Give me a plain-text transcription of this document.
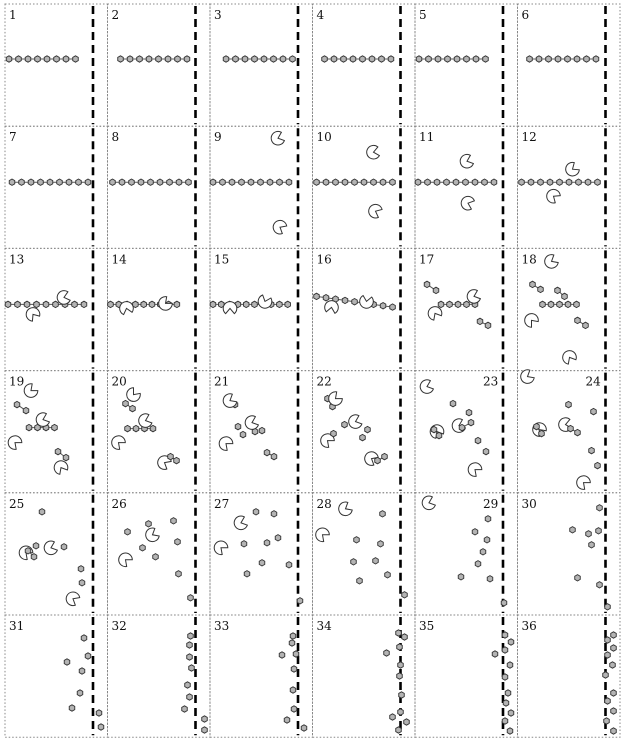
1	2	3	4	5	6
7	8	9	10	11	12
13	14	15	16	17	18
19	20	21	22	23	24
25	26	27	28	29 30
31	32	33	34	35	36
